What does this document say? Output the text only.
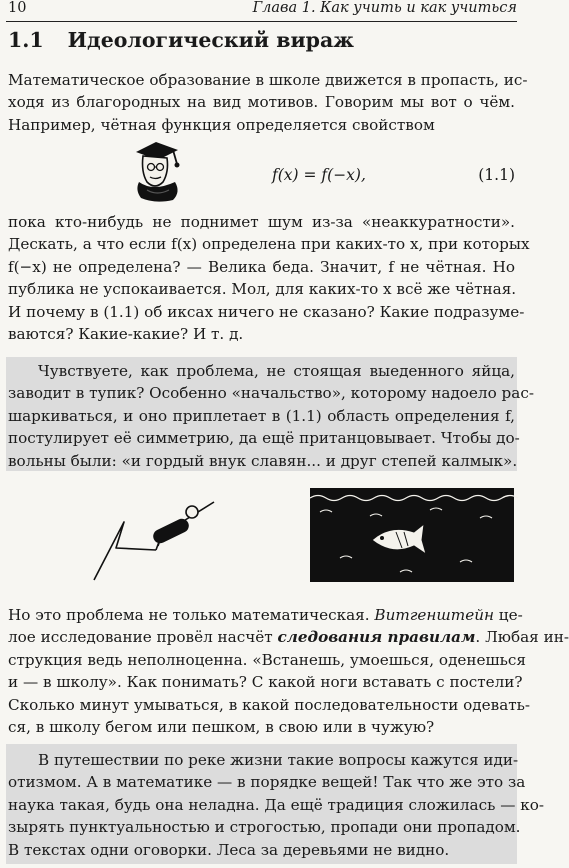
10	Глава 1. Как учить и как учиться
1.1 Идеологический вираж
Математическое образование в школе движется в пропасть, ис-
ходя из благородных на вид мотивов. Говорим мы вот о чём.
Например, чётная функция определяется свойством
f(x) = f(−x),	(1.1)
пока кто-нибудь не поднимет шум из-за «неаккуратности».
Дескать, а что если f(x) определена при каких-то x, при которых
f(−x) не определена? — Велика беда. Значит, f не чётная. Но
публика не успокаивается. Мол, для каких-то x всё же чётная.
И почему в (1.1) об иксах ничего не сказано? Какие подразуме-
ваются? Какие-какие? И т. д.
Чувствуете, как проблема, не стоящая выеденного яйца,
заводит в тупик? Особенно «начальство», которому надоело рас-
шаркиваться, и оно приплетает в (1.1) область определения f,
постулирует её симметрию, да ещё пританцовывает. Чтобы до-
вольны были: «и гордый внук славян... и друг степей калмык».
Но это проблема не только математическая. Витгенштейн це-
лое исследование провёл насчёт следования правилам. Любая ин-
струкция ведь неполноценна. «Встанешь, умоешься, оденешься
и — в школу». Как понимать? С какой ноги вставать с постели?
Сколько минут умываться, в какой последовательности одевать-
ся, в школу бегом или пешком, в свою или в чужую?
В путешествии по реке жизни такие вопросы кажутся иди-
отизмом. А в математике — в порядке вещей! Так что же это за
наука такая, будь она неладна. Да ещё традиция сложилась — ко-
зырять пунктуальностью и строгостью, пропади они пропадом.
В текстах одни оговорки. Леса за деревьями не видно.
